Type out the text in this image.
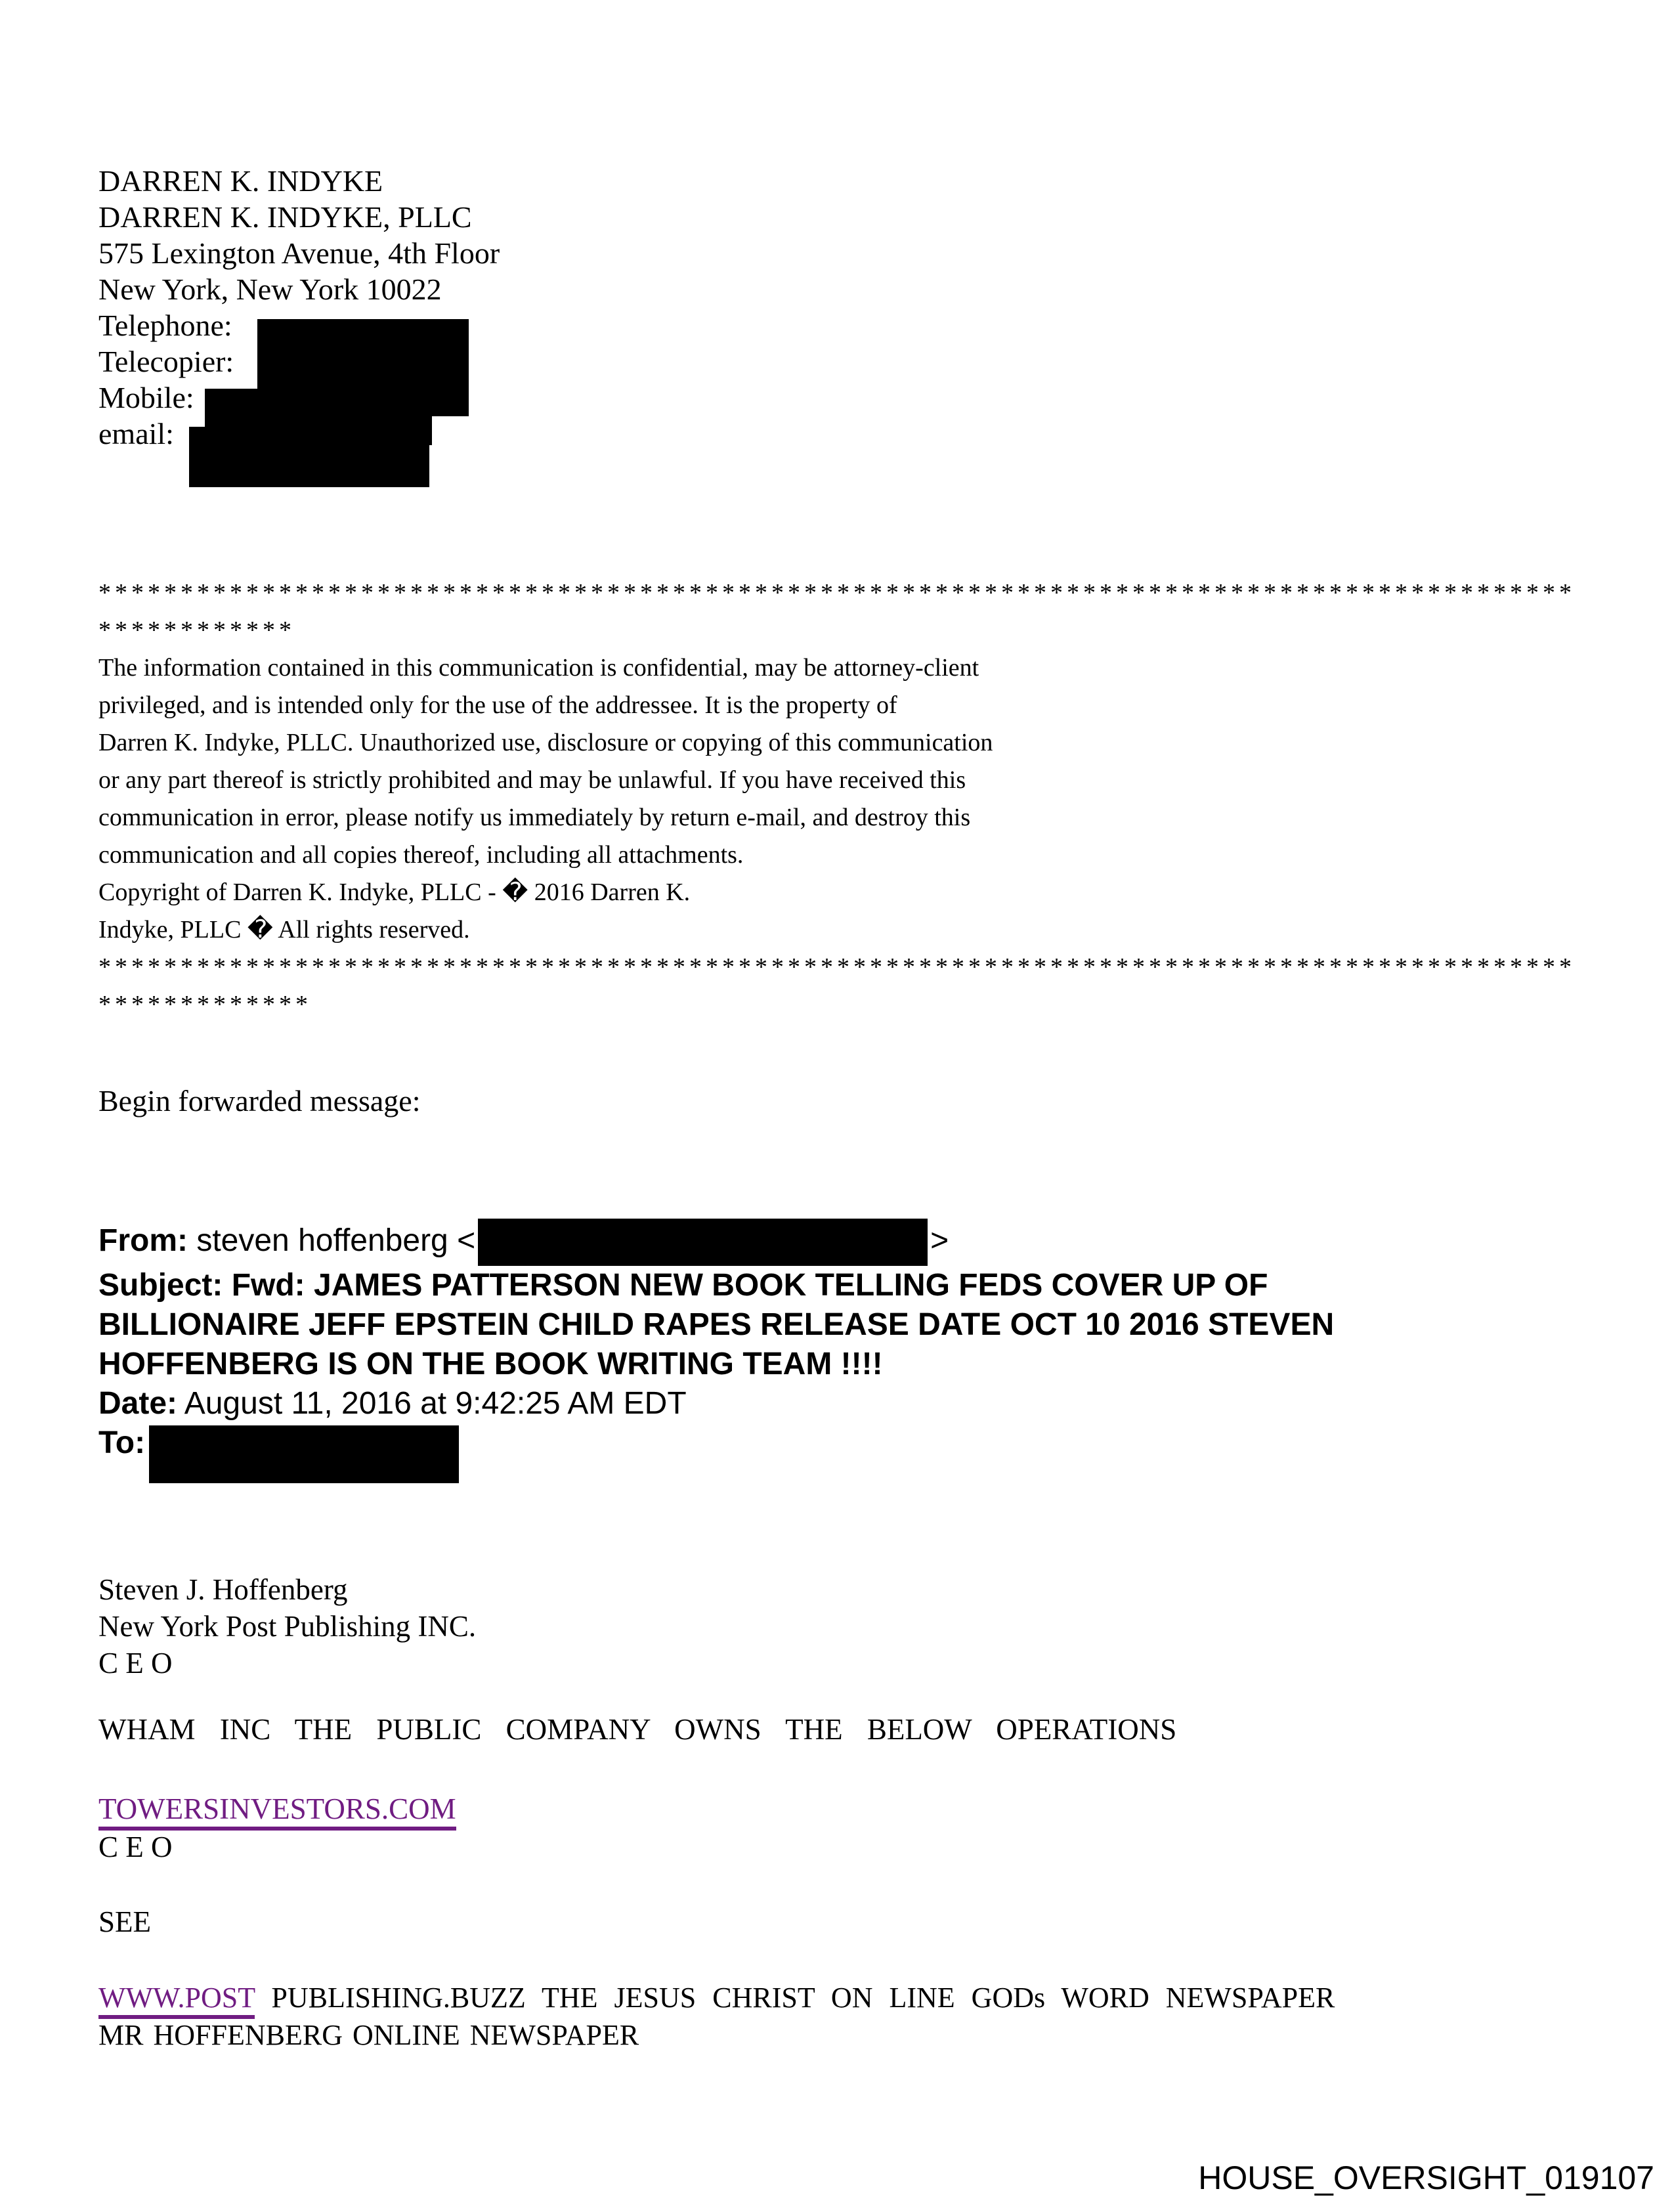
DARREN K. INDYKE
DARREN K. INDYKE, PLLC
575 Lexington Avenue, 4th Floor
New York, New York 10022
Telephone:
Telecopier:
Mobile:
email:
******************************************************************************************
************
The information contained in this communication is confidential, may be attorney-client
privileged, and is intended only for the use of the addressee. It is the property of
Darren K. Indyke, PLLC. Unauthorized use, disclosure or copying of this communication
or any part thereof is strictly prohibited and may be unlawful. If you have received this
communication in error, please notify us immediately by return e-mail, and destroy this
communication and all copies thereof, including all attachments.
Copyright of Darren K. Indyke, PLLC - � 2016 Darren K.
Indyke, PLLC � All rights reserved.
******************************************************************************************
*************
Begin forwarded message:
From: steven hoffenberg <	>
Subject: Fwd: JAMES PATTERSON NEW BOOK TELLING FEDS COVER UP OF BILLIONAIRE JEFF EPSTEIN CHILD RAPES RELEASE DATE OCT 10 2016 STEVEN HOFFENBERG IS ON THE BOOK WRITING TEAM !!!!
Date: August 11, 2016 at 9:42:25 AM EDT
To:
Steven J. Hoffenberg
New York Post Publishing INC.
C E O
WHAM INC THE PUBLIC COMPANY OWNS THE BELOW OPERATIONS
TOWERSINVESTORS.COM
C E O
SEE
WWW.POST PUBLISHING.BUZZ THE JESUS CHRIST ON LINE GODs WORD NEWSPAPER
MR HOFFENBERG ONLINE NEWSPAPER
HOUSE_OVERSIGHT_019107
